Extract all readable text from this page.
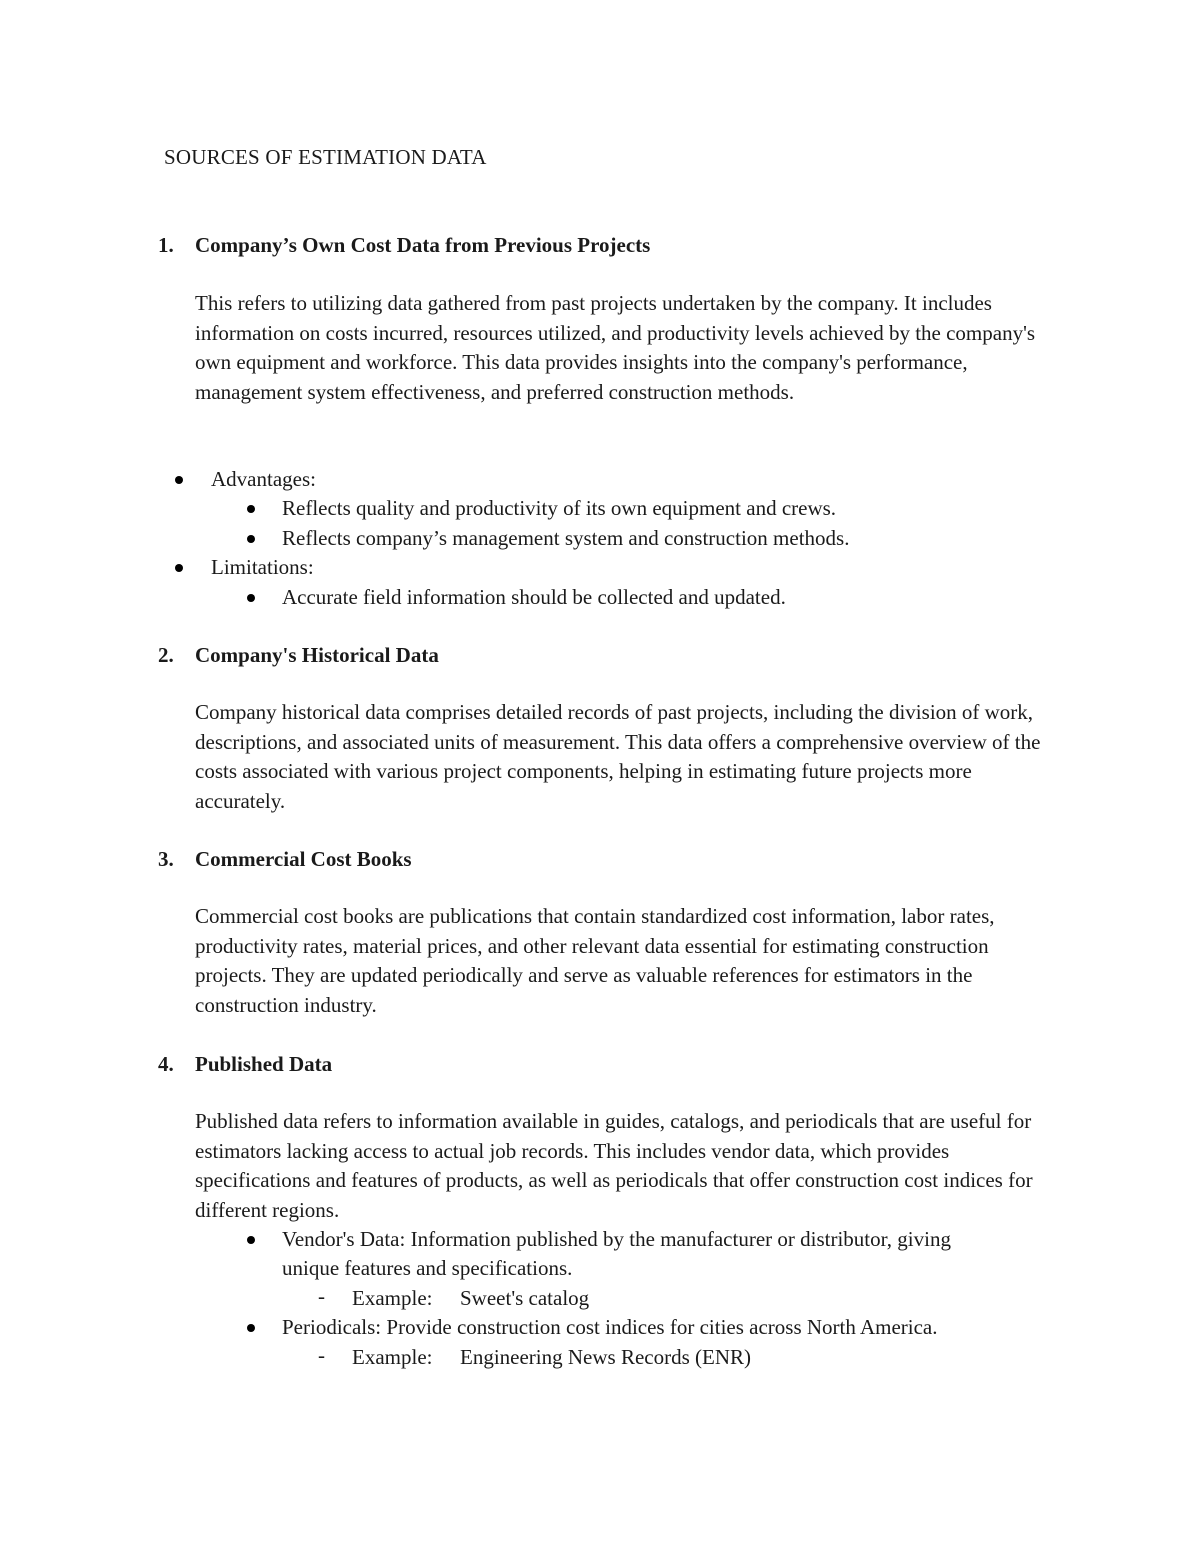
SOURCES OF ESTIMATION DATA
1. Company’s Own Cost Data from Previous Projects
This refers to utilizing data gathered from past projects undertaken by the company. It includes information on costs incurred, resources utilized, and productivity levels achieved by the company's own equipment and workforce. This data provides insights into the company's performance, management system effectiveness, and preferred construction methods.
Advantages:
Reflects quality and productivity of its own equipment and crews.
Reflects company’s management system and construction methods.
Limitations:
Accurate field information should be collected and updated.
2. Company's Historical Data
Company historical data comprises detailed records of past projects, including the division of work, descriptions, and associated units of measurement. This data offers a comprehensive overview of the costs associated with various project components, helping in estimating future projects more accurately.
3. Commercial Cost Books
Commercial cost books are publications that contain standardized cost information, labor rates, productivity rates, material prices, and other relevant data essential for estimating construction projects. They are updated periodically and serve as valuable references for estimators in the construction industry.
4. Published Data
Published data refers to information available in guides, catalogs, and periodicals that are useful for estimators lacking access to actual job records. This includes vendor data, which provides specifications and features of products, as well as periodicals that offer construction cost indices for different regions.
Vendor's Data: Information published by the manufacturer or distributor, giving
unique features and specifications.
- Example: Sweet's catalog
Periodicals: Provide construction cost indices for cities across North America.
- Example: Engineering News Records (ENR)
